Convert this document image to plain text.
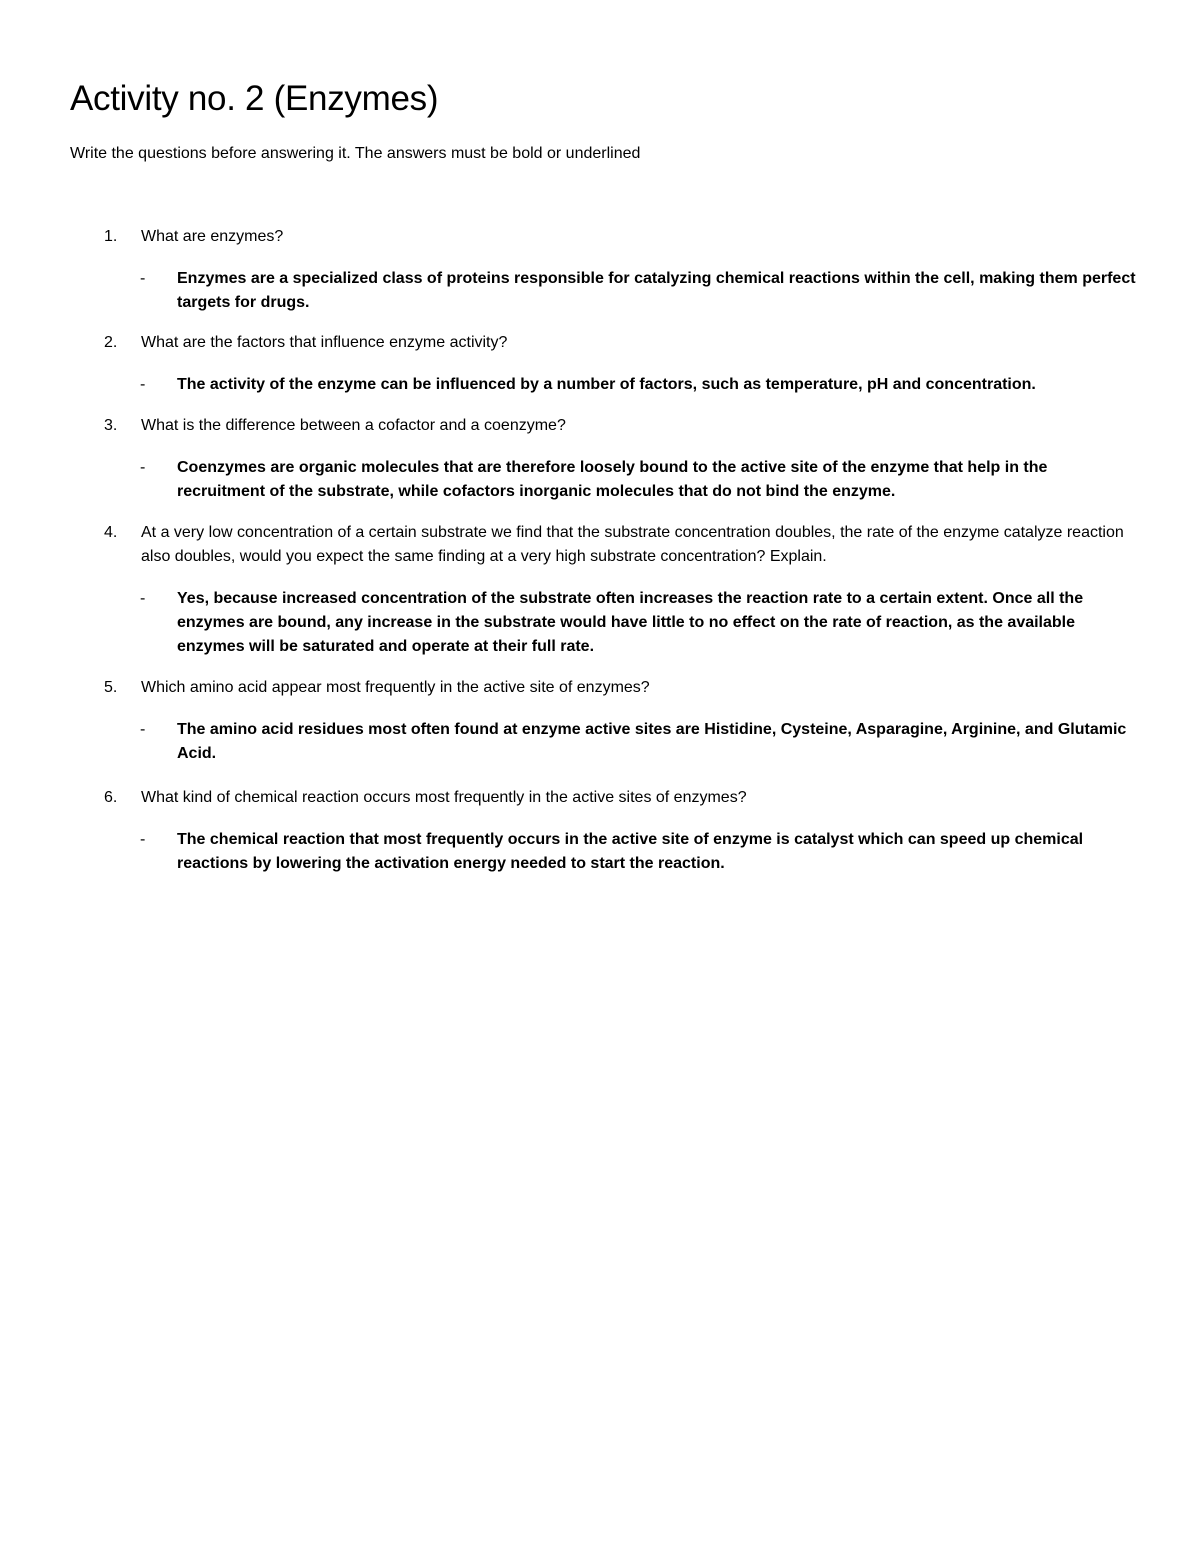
Activity no. 2 (Enzymes)

Write the questions before answering it. The answers must be bold or underlined

1.	What are enzymes?
-	Enzymes are a specialized class of proteins responsible for catalyzing chemical reactions within the cell, making them perfect targets for drugs.
2.	What are the factors that influence enzyme activity?
-	The activity of the enzyme can be influenced by a number of factors, such as temperature, pH and concentration.
3.	What is the difference between a cofactor and a coenzyme?
-	Coenzymes are organic molecules that are therefore loosely bound to the active site of the enzyme that help in the recruitment of the substrate, while cofactors inorganic molecules that do not bind the enzyme.
4.	At a very low concentration of a certain substrate we find that the substrate concentration doubles, the rate of the enzyme catalyze reaction also doubles, would you expect the same finding at a very high substrate concentration? Explain.
-	Yes, because increased concentration of the substrate often increases the reaction rate to a certain extent. Once all the enzymes are bound, any increase in the substrate would have little to no effect on the rate of reaction, as the available enzymes will be saturated and operate at their full rate.
5.	Which amino acid appear most frequently in the active site of enzymes?
-	The amino acid residues most often found at enzyme active sites are Histidine, Cysteine, Asparagine, Arginine, and Glutamic Acid.
6.	What kind of chemical reaction occurs most frequently in the active sites of enzymes?
-	The chemical reaction that most frequently occurs in the active site of enzyme is catalyst which can speed up chemical reactions by lowering the activation energy needed to start the reaction.
